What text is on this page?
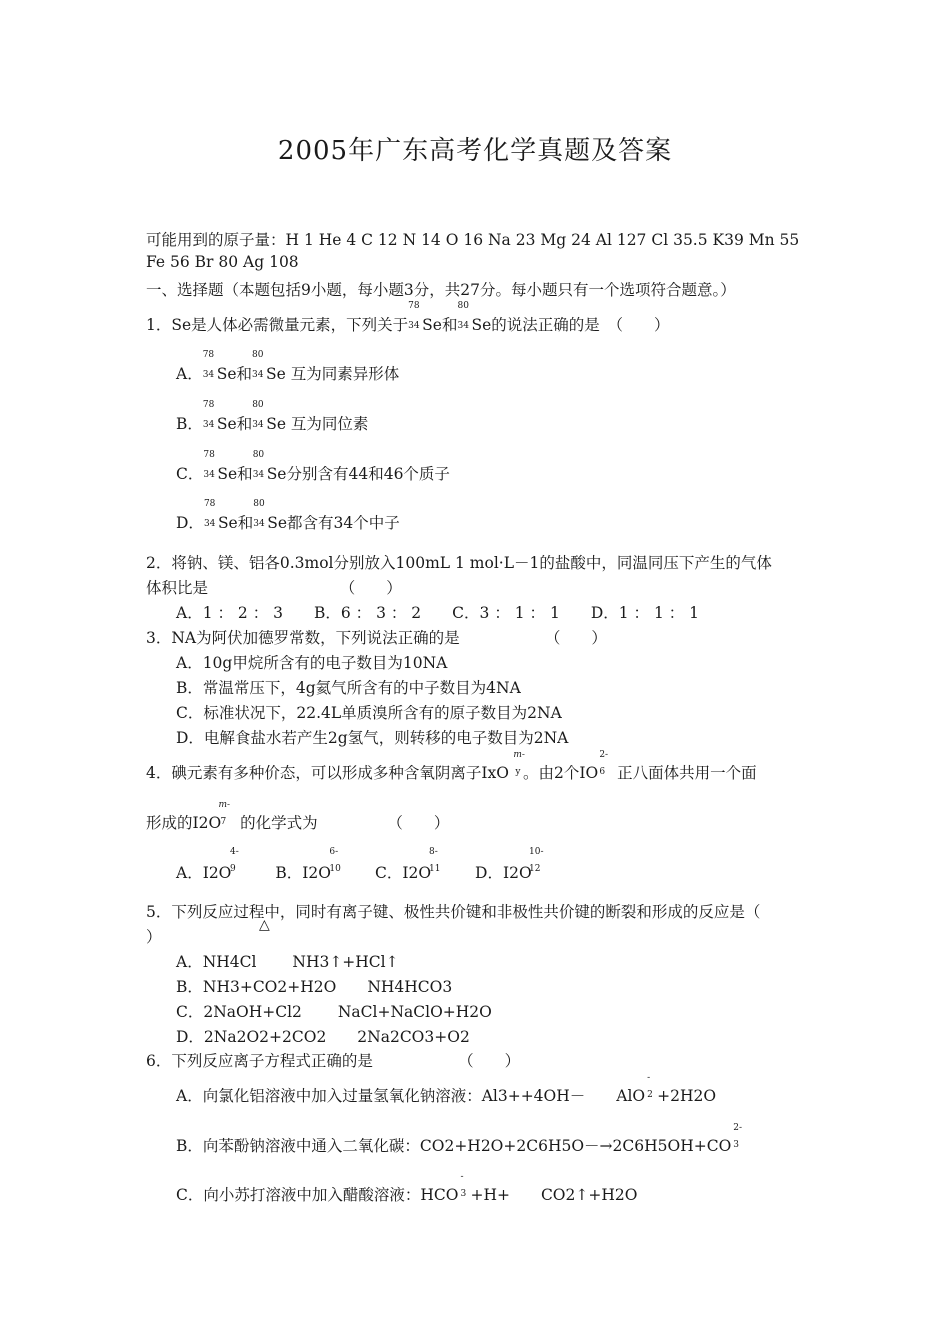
2005年广东高考化学真题及答案
可能用到的原子量：H 1 He 4 C 12 N 14 O 16 Na 23 Mg 24 Al 127 Cl 35.5 K39 Mn 55
Fe 56 Br 80 Ag 108
一、选择题（本题包括9小题，每小题3分，共27分。每小题只有一个选项符合题意。）
1．Se是人体必需微量元素，下列关于
78
34 Se和
80
34 Se的说法正确的是　（　　）
A．
78
34 Se和
80
34 Se 互为同素异形体
B．
78
34 Se和
80
34 Se 互为同位素
C．
78
34 Se和
80
34 Se分别含有44和46个质子
D．
78
34 Se和
80
34 Se都含有34个中子
2．将钠、镁、铝各0.3mol分别放入100mL 1 mol·L－1的盐酸中，同温同压下产生的气体
体积比是　　　　　　　　　（　　）
A．1 ： 2 ： 3　　B．6 ： 3 ： 2　　C．3 ： 1 ： 1　　D．1 ： 1 ： 1
3．NA为阿伏加德罗常数，下列说法正确的是　　　　　　（　　）
A．10g甲烷所含有的电子数目为10NA
B．常温常压下，4g氦气所含有的中子数目为4NA
C．标准状况下，22.4L单质溴所含有的原子数目为2NA
D．电解食盐水若产生2g氢气，则转移的电子数目为2NA
4．碘元素有多种价态，可以形成多种含氧阴离子IxO
m-
y 。由2个IO
2-
6 正八面体共用一个面
形成的I2O
m-
7 的化学式为　　　　　（　　）
A．I2O
4-
9	B．I2O
6-
10 C．I2O
8-
11 D．I2O
10-
12
5．下列反应过程中，同时有离子键、极性共价键和非极性共价键的断裂和形成的反应是（
△
）
A．NH4Cl　　 NH3↑+HCl↑
B．NH3+CO2+H2O　　NH4HCO3
C．2NaOH+Cl2　　 NaCl+NaClO+H2O
D．2Na2O2+2CO2　　2Na2CO3+O2
6．下列反应离子方程式正确的是　　　　　　（　　）
A．向氯化铝溶液中加入过量氢氧化钠溶液：Al3++4OH－　　AlO
-
2 +2H2O
B．向苯酚钠溶液中通入二氧化碳：CO2+H2O+2C6H5O－→2C6H5OH+CO
2-
3
C．向小苏打溶液中加入醋酸溶液：HCO
-
3 +H+　　CO2↑+H2O
